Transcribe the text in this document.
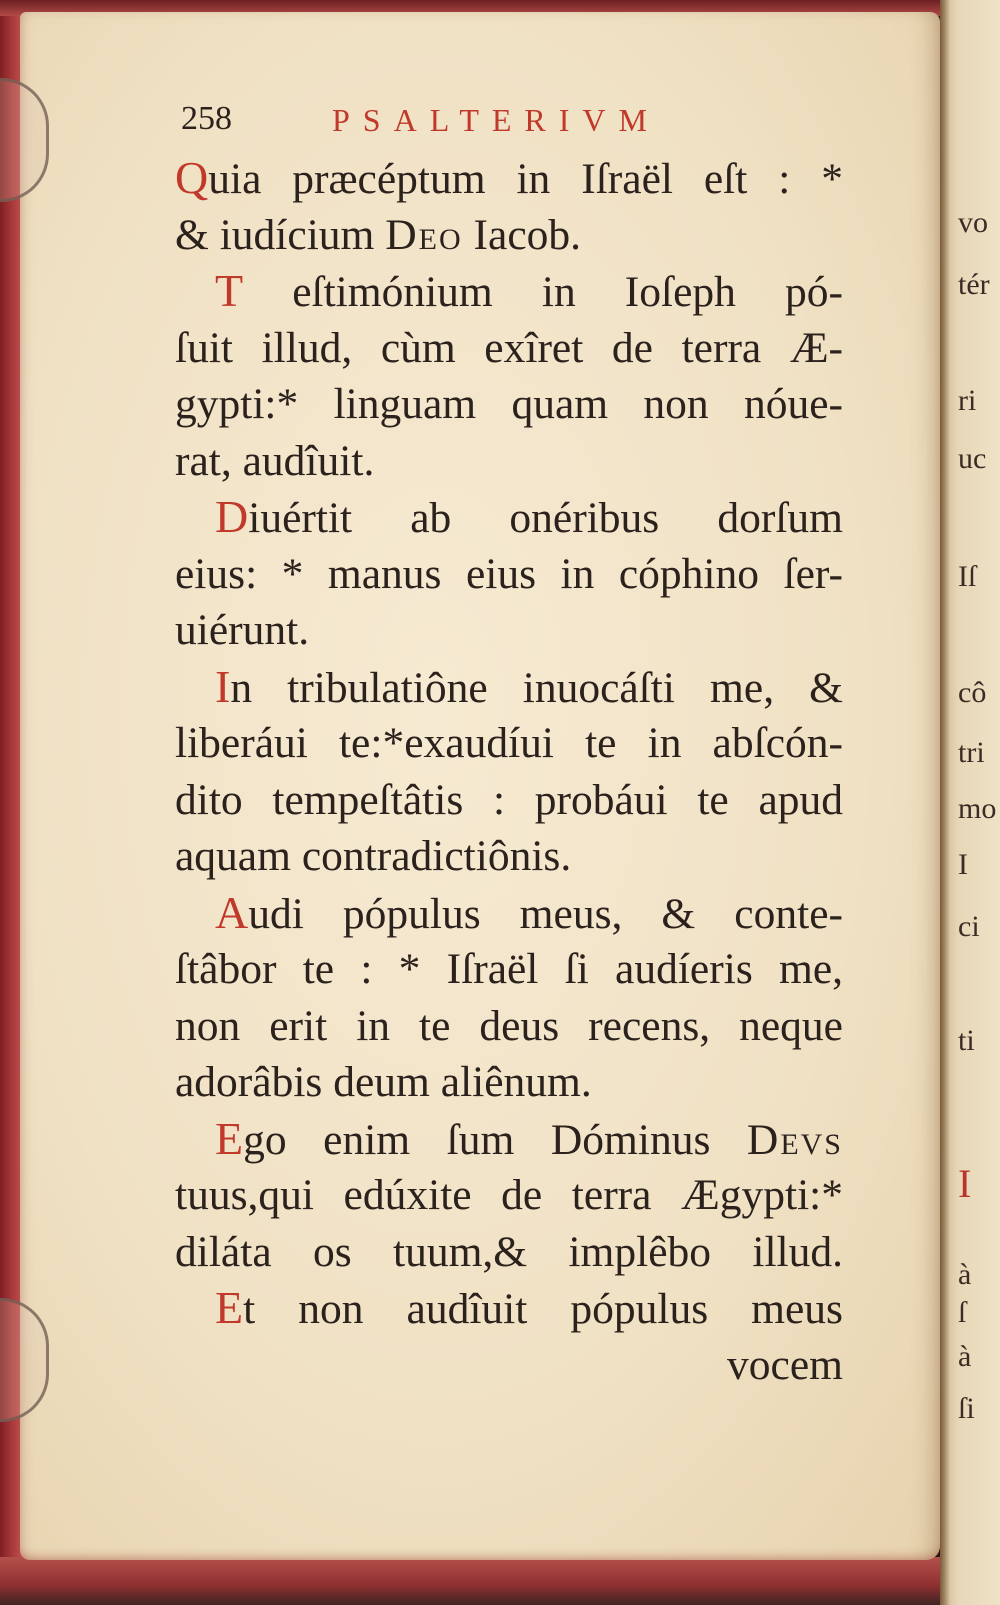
vo
tér
ri
uc
Iſ
cô
tri
mo
I
ci
ti
I
à
ſ
à
ſi
258	PSALTERIVM
Quia præcéptum in Iſraël eſt : *
& iudícium Deo Iacob.
T eſtimónium in Ioſeph pó-
ſuit illud, cùm exîret de terra Æ-
gypti:* linguam quam non nóue-
rat, audîuit.
Diuértit ab onéribus dorſum
eius: * manus eius in cóphino ſer-
uiérunt.
In tribulatiône inuocáſti me, &
liberáui te:*exaudíui te in abſcón-
dito tempeſtâtis : probáui te apud
aquam contradictiônis.
Audi pópulus meus, & conte-
ſtâbor te : * Iſraël ſi audíeris me,
non erit in te deus recens, neque
adorâbis deum aliênum.
Ego enim ſum Dóminus Devs
tuus,qui edúxite de terra Ægypti:*
diláta os tuum,& implêbo illud.
Et non audîuit pópulus meus
vocem
